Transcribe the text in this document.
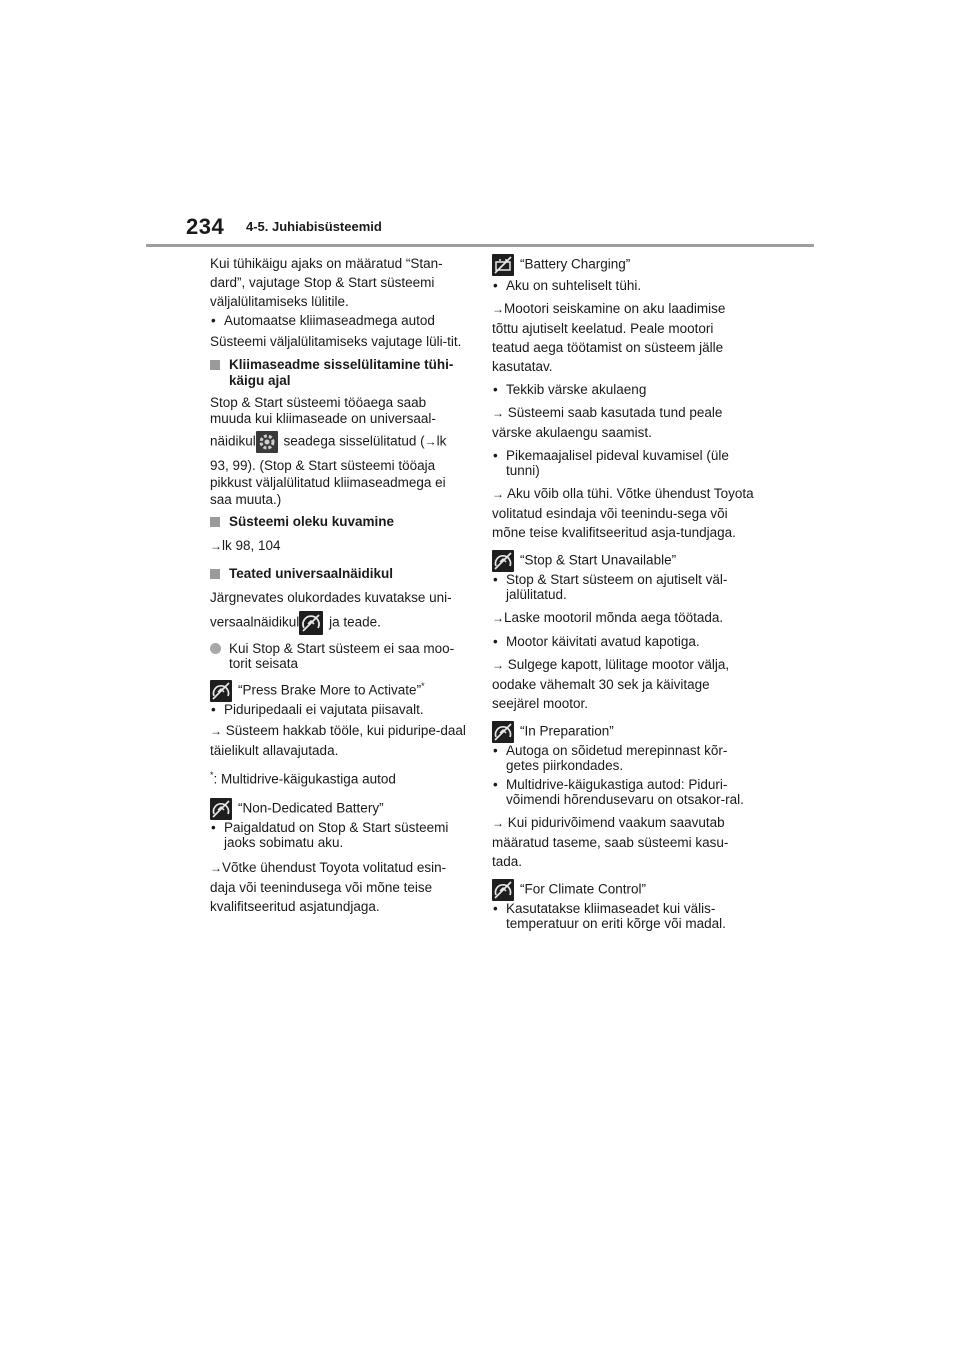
234 4-5. Juhiabisüsteemid

Kui tühikäigu ajaks on määratud “Stan-dard”, vajutage Stop & Start süsteemi väljalülitamiseks lülitile.

• Automaatse kliimaseadmega autod

Süsteemi väljalülitamiseks vajutage lüli-tit.

Kliimaseadme sisselülitamine tühi-käigu ajal

Stop & Start süsteemi tööaega saab muuda kui kliimaseade on universaal-

näidikul
seadega sisselülitatud (→lk

93, 99). (Stop & Start süsteemi tööaja pikkust väljalülitatud kliimaseadmega ei saa muuta.)

Süsteemi oleku kuvamine

→lk 98, 104

Teated universaalnäidikul

Järgnevates olukordades kuvatakse uni-

versaalnäidikul
ja teade.

Kui Stop & Start süsteem ei saa moo-torit seisata

“Press Brake More to Activate”*

• Piduripedaali ei vajutata piisavalt.

→ Süsteem hakkab tööle, kui piduripe-daal täielikult allavajutada.

*: Multidrive-käigukastiga autod

“Non-Dedicated Battery”

• Paigaldatud on Stop & Start süsteemi jaoks sobimatu aku.

→Võtke ühendust Toyota volitatud esin-daja või teenindusega või mõne teise kvalifitseeritud asjatundjaga.

“Battery Charging”

• Aku on suhteliselt tühi.

→Mootori seiskamine on aku laadimise tõttu ajutiselt keelatud. Peale mootori teatud aega töötamist on süsteem jälle kasutatav.

• Tekkib värske akulaeng

→ Süsteemi saab kasutada tund peale värske akulaengu saamist.

• Pikemaajalisel pideval kuvamisel (üle tunni)

→ Aku võib olla tühi. Võtke ühendust Toyota volitatud esindaja või teenindu-sega või mõne teise kvalifitseeritud asja-tundjaga.

“Stop & Start Unavailable”

• Stop & Start süsteem on ajutiselt väl-jalülitatud.

→Laske mootoril mõnda aega töötada.

• Mootor käivitati avatud kapotiga.

→ Sulgege kapott, lülitage mootor välja, oodake vähemalt 30 sek ja käivitage seejärel mootor.

“In Preparation”

• Autoga on sõidetud merepinnast kõr-getes piirkondades.
• Multidrive-käigukastiga autod: Piduri-võimendi hõrendusevaru on otsakor-ral.

→ Kui pidurivõimend vaakum saavutab määratud taseme, saab süsteemi kasu-tada.

“For Climate Control”

• Kasutatakse kliimaseadet kui välis-temperatuur on eriti kõrge või madal.
